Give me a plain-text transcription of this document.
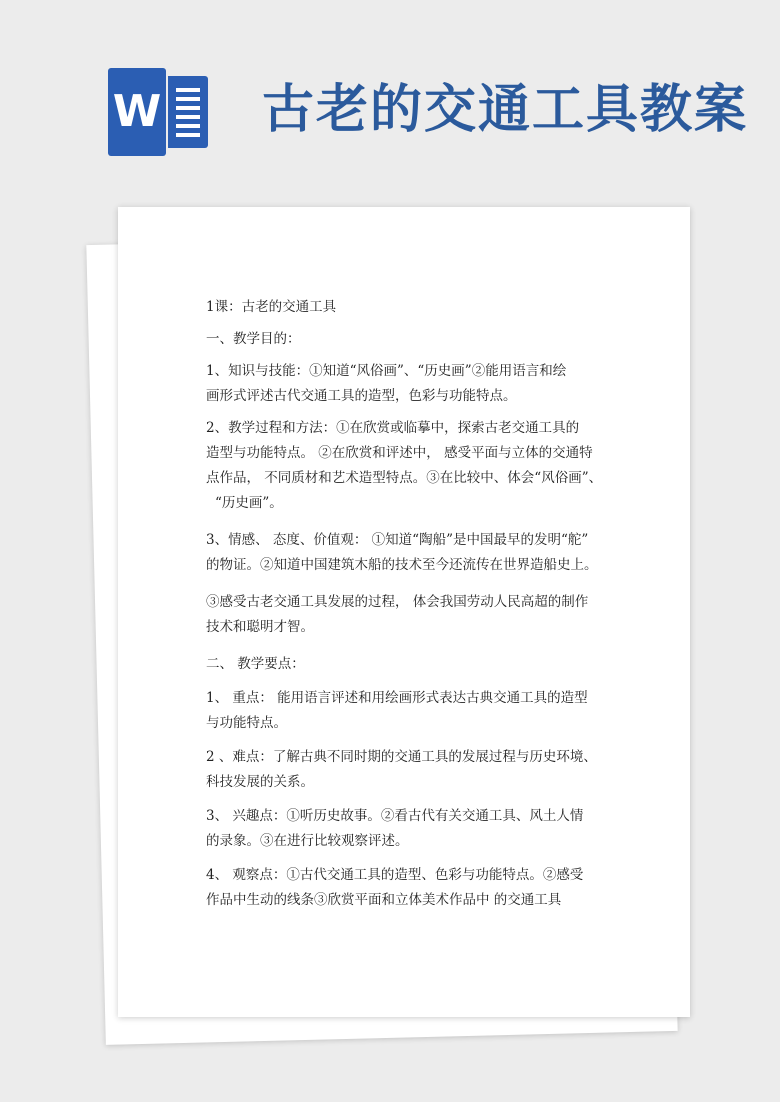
W 古老的交通工具教案

1课：古老的交通工具

一、教学目的：

1、知识与技能：①知道“风俗画”、“历史画”②能用语言和绘

画形式评述古代交通工具的造型，色彩与功能特点。

2、教学过程和方法：①在欣赏或临摹中，探索古老交通工具的

造型与功能特点。 ②在欣赏和评述中， 感受平面与立体的交通特

点作品， 不同质材和艺术造型特点。③在比较中、体会“风俗画”、

“历史画”。

3、情感、 态度、价值观： ①知道“陶船”是中国最早的发明“舵”

的物证。②知道中国建筑木船的技术至今还流传在世界造船史上。

③感受古老交通工具发展的过程， 体会我国劳动人民高超的制作

技术和聪明才智。

二、 教学要点：

1、 重点： 能用语言评述和用绘画形式表达古典交通工具的造型

与功能特点。

2 、难点：了解古典不同时期的交通工具的发展过程与历史环境、

科技发展的关系。

3、 兴趣点：①听历史故事。②看古代有关交通工具、风土人情

的录象。③在进行比较观察评述。

4、 观察点：①古代交通工具的造型、色彩与功能特点。②感受

作品中生动的线条③欣赏平面和立体美术作品中 的交通工具
